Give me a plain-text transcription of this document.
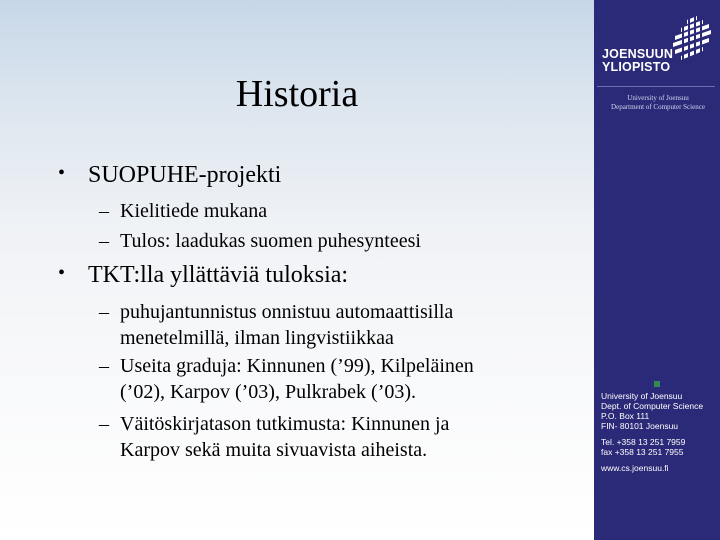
Historia
• SUOPUHE-projekti
– Kielitiede mukana
– Tulos: laadukas suomen puhesynteesi
• TKT:lla yllättäviä tuloksia:
– puhujantunnistus onnistuu automaattisilla
menetelmillä, ilman lingvistiikkaa
– Useita graduja: Kinnunen (’99), Kilpeläinen
(’02), Karpov (’03), Pulkrabek (’03).
– Väitöskirjatason tutkimusta: Kinnunen ja
Karpov sekä muita sivuavista aiheista.
JOENSUUN
YLIOPISTO
University of Joensuu
Department of Computer Science
University of Joensuu
Dept. of Computer Science
P.O. Box 111
FIN- 80101 Joensuu
Tel. +358 13 251 7959
fax +358 13 251 7955
www.cs.joensuu.fi
